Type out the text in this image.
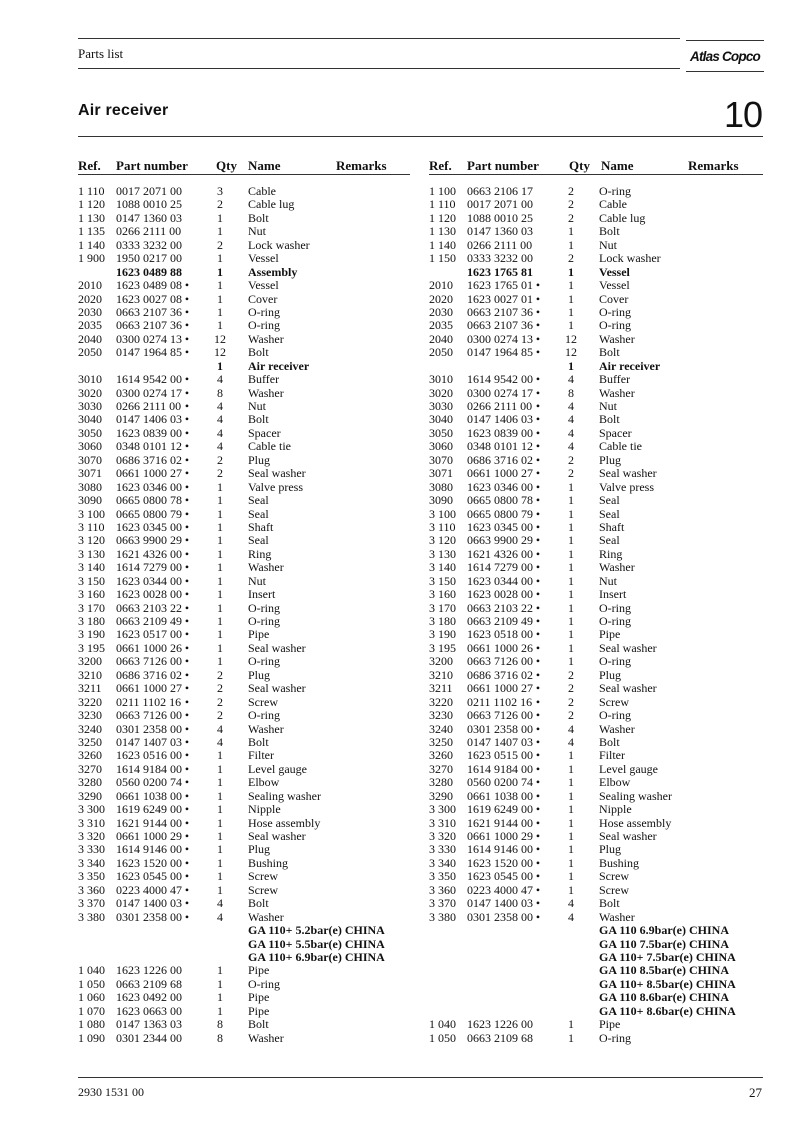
Parts list	Atlas Copco
Air receiver	10
Ref. Part number Qty Name	Remarks	Ref. Part number Qty Name	Remarks
1 110 0017 2071 00	3	Cable
1 120 1088 0010 25	2	Cable lug
1 130 0147 1360 03	1	Bolt
1 135 0266 2111 00	1	Nut
1 140 0333 3232 00	2	Lock washer
1 900 1950 0217 00	1	Vessel
1623 0489 88	1	Assembly
2010 1623 0489 08 •	1	Vessel
2020 1623 0027 08 •	1	Cover
2030 0663 2107 36 •	1	O-ring
2035 0663 2107 36 •	1	O-ring
2040 0300 0274 13 •	12	Washer
2050 0147 1964 85 •	12	Bolt
1	Air receiver
3010 1614 9542 00 •	4	Buffer
3020 0300 0274 17 •	8	Washer
3030 0266 2111 00 •	4	Nut
3040 0147 1406 03 •	4	Bolt
3050 1623 0839 00 •	4	Spacer
3060 0348 0101 12 •	4	Cable tie
3070 0686 3716 02 •	2	Plug
3071 0661 1000 27 •	2	Seal washer
3080 1623 0346 00 •	1	Valve press
3090 0665 0800 78 •	1	Seal
3 100 0665 0800 79 •	1	Seal
3 110 1623 0345 00 •	1	Shaft
3 120 0663 9900 29 •	1	Seal
3 130 1621 4326 00 •	1	Ring
3 140 1614 7279 00 •	1	Washer
3 150 1623 0344 00 •	1	Nut
3 160 1623 0028 00 •	1	Insert
3 170 0663 2103 22 •	1	O-ring
3 180 0663 2109 49 •	1	O-ring
3 190 1623 0517 00 •	1	Pipe
3 195 0661 1000 26 •	1	Seal washer
3200 0663 7126 00 •	1	O-ring
3210 0686 3716 02 •	2	Plug
3211 0661 1000 27 •	2	Seal washer
3220 0211 1102 16 •	2	Screw
3230 0663 7126 00 •	2	O-ring
3240 0301 2358 00 •	4	Washer
3250 0147 1407 03 •	4	Bolt
3260 1623 0516 00 •	1	Filter
3270 1614 9184 00 •	1	Level gauge
3280 0560 0200 74 •	1	Elbow
3290 0661 1038 00 •	1	Sealing washer
3 300 1619 6249 00 •	1	Nipple
3 310 1621 9144 00 •	1	Hose assembly
3 320 0661 1000 29 •	1	Seal washer
3 330 1614 9146 00 •	1	Plug
3 340 1623 1520 00 •	1	Bushing
3 350 1623 0545 00 •	1	Screw
3 360 0223 4000 47 •	1	Screw
3 370 0147 1400 03 •	4	Bolt
3 380 0301 2358 00 •	4	Washer
GA 110+ 5.2bar(e) CHINA
GA 110+ 5.5bar(e) CHINA
GA 110+ 6.9bar(e) CHINA
1 040 1623 1226 00	1	Pipe
1 050 0663 2109 68	1	O-ring
1 060 1623 0492 00	1	Pipe
1 070 1623 0663 00	1	Pipe
1 080 0147 1363 03	8	Bolt
1 090 0301 2344 00	8	Washer
1 100 0663 2106 17	2	O-ring
1 110 0017 2071 00	2	Cable
1 120 1088 0010 25	2	Cable lug
1 130 0147 1360 03	1	Bolt
1 140 0266 2111 00	1	Nut
1 150 0333 3232 00	2	Lock washer
1623 1765 81	1	Vessel
2010 1623 1765 01 •	1	Vessel
2020 1623 0027 01 •	1	Cover
2030 0663 2107 36 •	1	O-ring
2035 0663 2107 36 •	1	O-ring
2040 0300 0274 13 •	12	Washer
2050 0147 1964 85 •	12	Bolt
1	Air receiver
3010 1614 9542 00 •	4	Buffer
3020 0300 0274 17 •	8	Washer
3030 0266 2111 00 •	4	Nut
3040 0147 1406 03 •	4	Bolt
3050 1623 0839 00 •	4	Spacer
3060 0348 0101 12 •	4	Cable tie
3070 0686 3716 02 •	2	Plug
3071 0661 1000 27 •	2	Seal washer
3080 1623 0346 00 •	1	Valve press
3090 0665 0800 78 •	1	Seal
3 100 0665 0800 79 •	1	Seal
3 110 1623 0345 00 •	1	Shaft
3 120 0663 9900 29 •	1	Seal
3 130 1621 4326 00 •	1	Ring
3 140 1614 7279 00 •	1	Washer
3 150 1623 0344 00 •	1	Nut
3 160 1623 0028 00 •	1	Insert
3 170 0663 2103 22 •	1	O-ring
3 180 0663 2109 49 •	1	O-ring
3 190 1623 0518 00 •	1	Pipe
3 195 0661 1000 26 •	1	Seal washer
3200 0663 7126 00 •	1	O-ring
3210 0686 3716 02 •	2	Plug
3211 0661 1000 27 •	2	Seal washer
3220 0211 1102 16 •	2	Screw
3230 0663 7126 00 •	2	O-ring
3240 0301 2358 00 •	4	Washer
3250 0147 1407 03 •	4	Bolt
3260 1623 0515 00 •	1	Filter
3270 1614 9184 00 •	1	Level gauge
3280 0560 0200 74 •	1	Elbow
3290 0661 1038 00 •	1	Sealing washer
3 300 1619 6249 00 •	1	Nipple
3 310 1621 9144 00 •	1	Hose assembly
3 320 0661 1000 29 •	1	Seal washer
3 330 1614 9146 00 •	1	Plug
3 340 1623 1520 00 •	1	Bushing
3 350 1623 0545 00 •	1	Screw
3 360 0223 4000 47 •	1	Screw
3 370 0147 1400 03 •	4	Bolt
3 380 0301 2358 00 •	4	Washer
GA 110 6.9bar(e) CHINA
GA 110 7.5bar(e) CHINA
GA 110+ 7.5bar(e) CHINA
GA 110 8.5bar(e) CHINA
GA 110+ 8.5bar(e) CHINA
GA 110 8.6bar(e) CHINA
GA 110+ 8.6bar(e) CHINA
1 040 1623 1226 00	1	Pipe
1 050 0663 2109 68	1	O-ring
2930 1531 00	27
